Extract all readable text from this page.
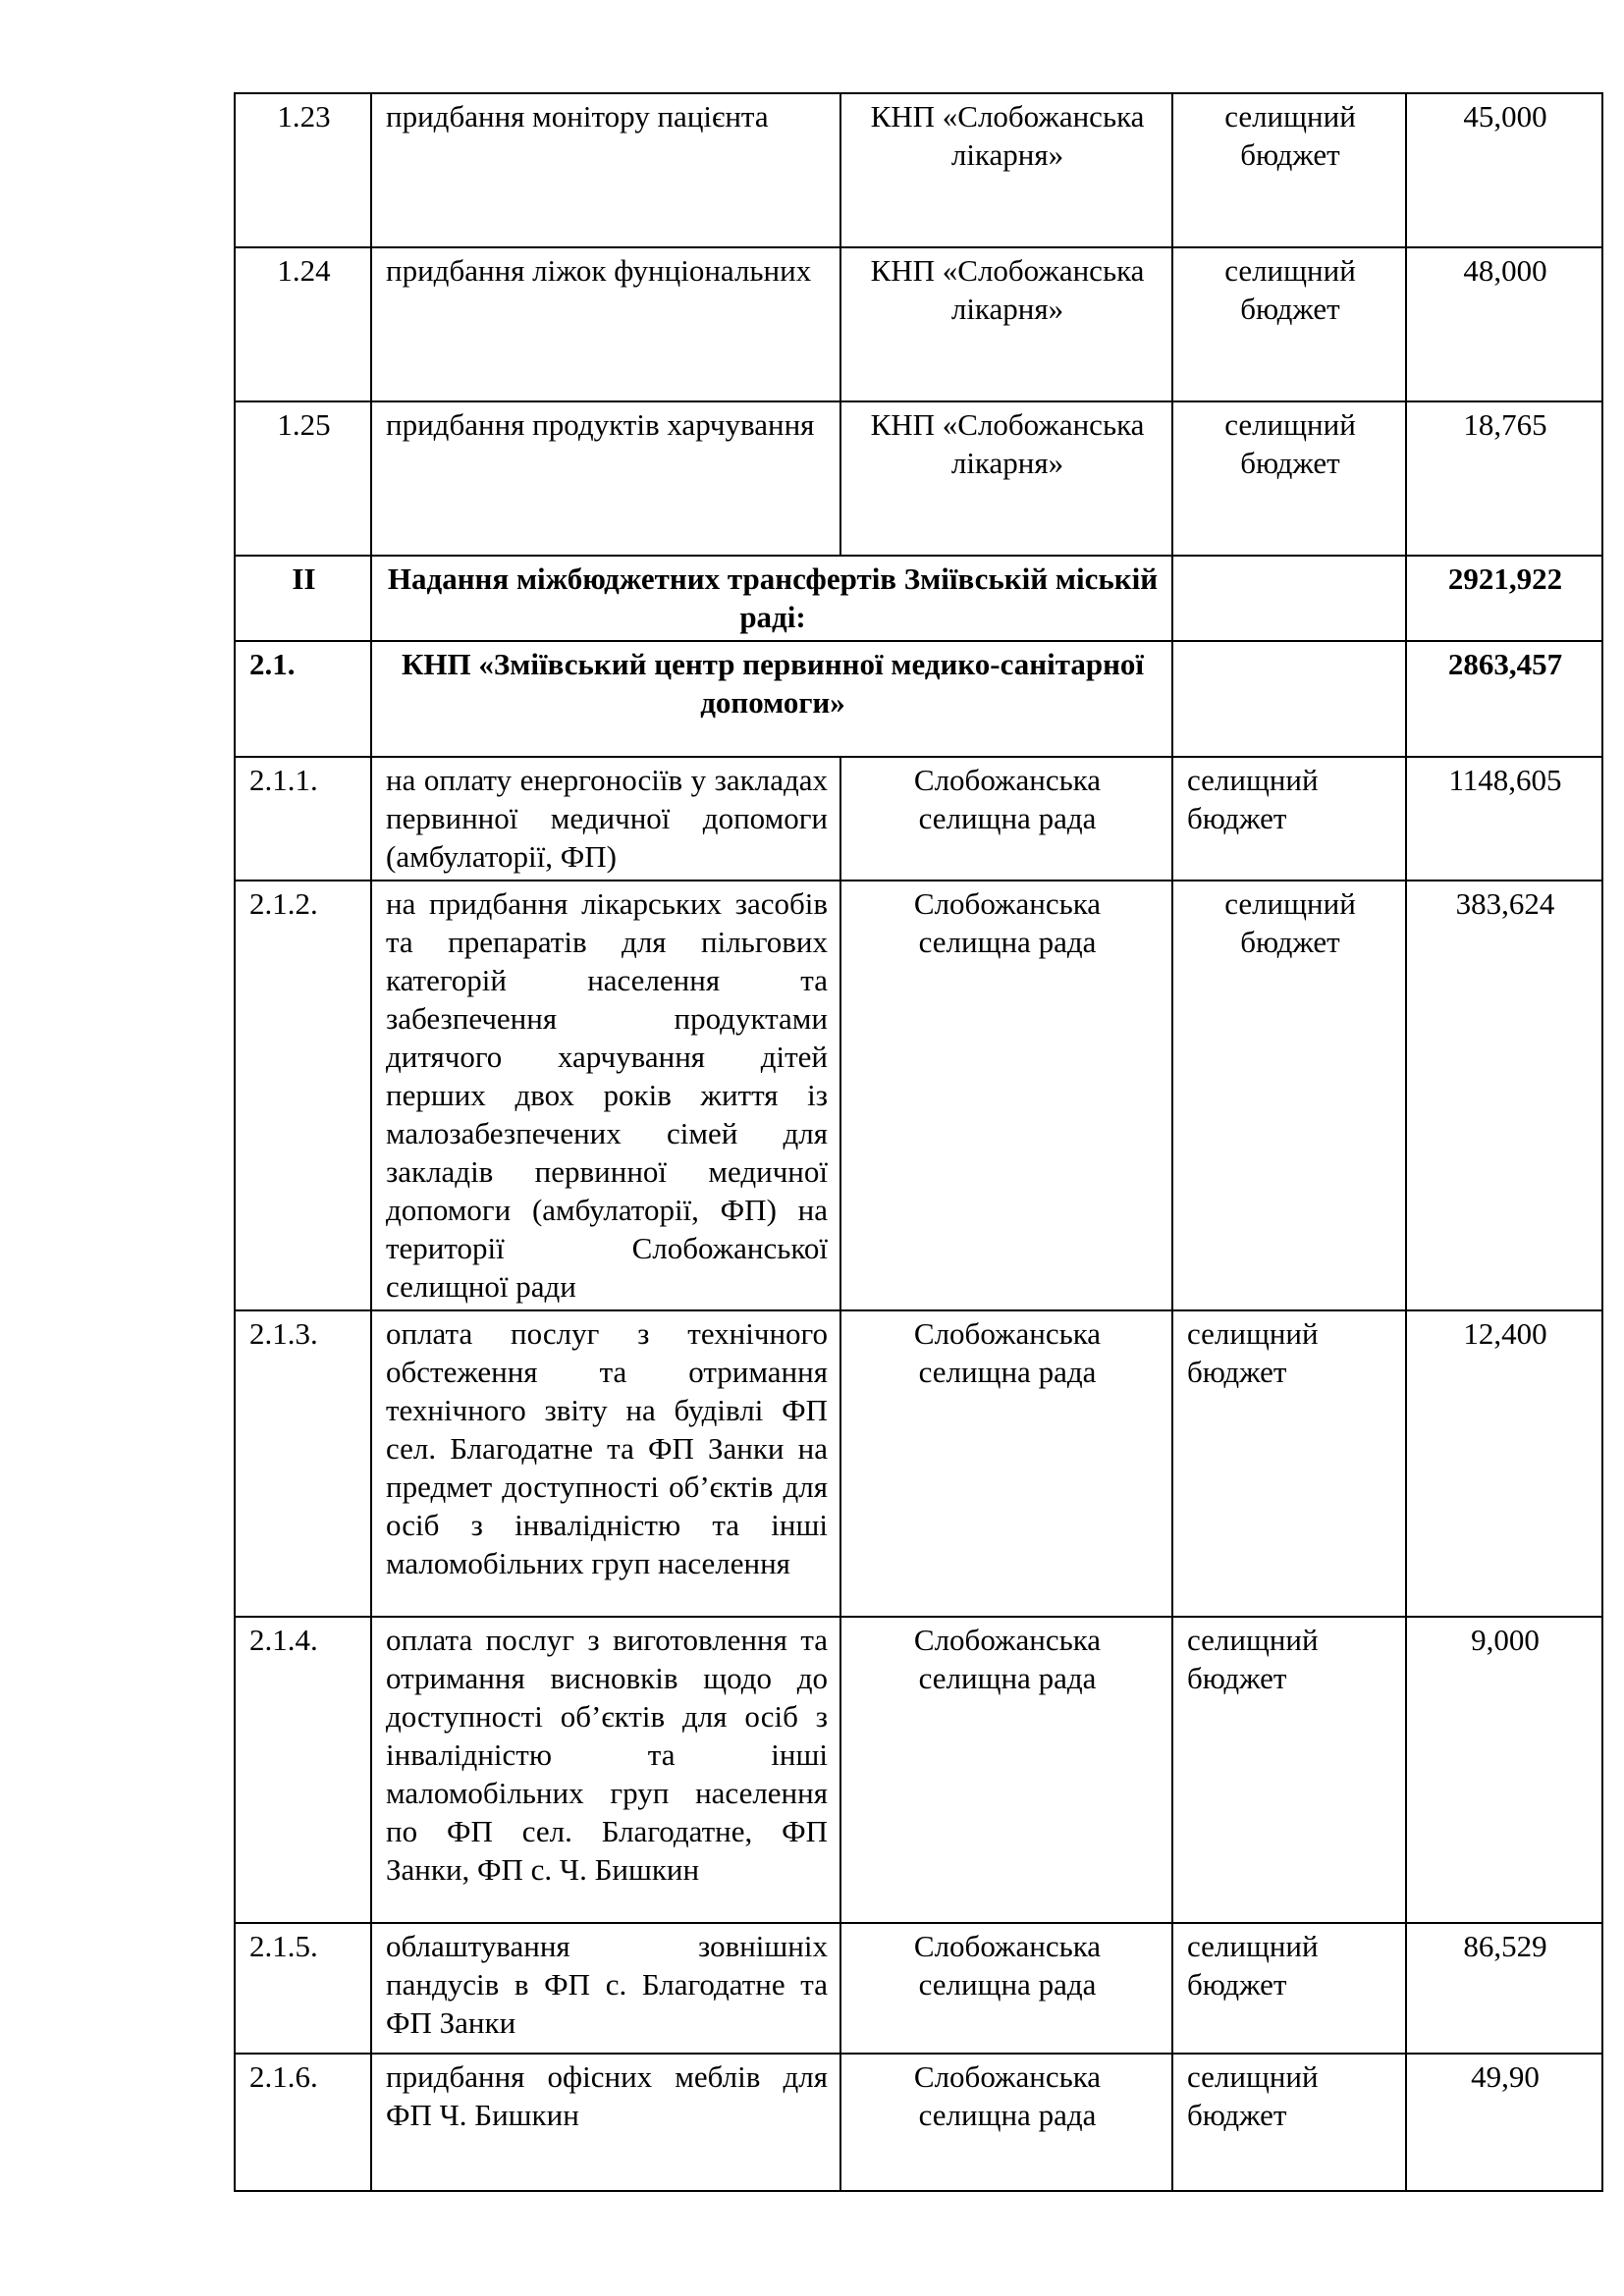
1.23	придбання монітору пацієнта	КНП «Слобожанська лікарня»	селищний бюджет	45,000
1.24	придбання ліжок фунціональних	КНП «Слобожанська лікарня»	селищний бюджет	48,000
1.25	придбання продуктів харчування	КНП «Слобожанська лікарня»	селищний бюджет	18,765
II	Надання міжбюджетних трансфертів Зміївській міській раді:			2921,922
2.1.	КНП «Зміївський центр первинної медико-санітарної допомоги»			2863,457
2.1.1.	на оплату енергоносіїв у закладах первинної медичної допомоги (амбулаторії, ФП)	Слобожанська селищна рада	селищний бюджет	1148,605
2.1.2.	на придбання лікарських засобів та препаратів для пільгових категорій населення та забезпечення продуктами дитячого харчування дітей перших двох років життя із малозабезпечених сімей для закладів первинної медичної допомоги (амбулаторії, ФП) на території Слобожанської селищної ради	Слобожанська селищна рада	селищний бюджет	383,624
2.1.3.	оплата послуг з технічного обстеження та отримання технічного звіту на будівлі ФП сел. Благодатне та ФП Занки на предмет доступності об’єктів для осіб з інвалідністю та інші маломобільних груп населення	Слобожанська селищна рада	селищний бюджет	12,400
2.1.4.	оплата послуг з виготовлення та отримання висновків щодо до доступності об’єктів для осіб з інвалідністю та інші маломобільних груп населення по ФП сел. Благодатне, ФП Занки, ФП с. Ч. Бишкин	Слобожанська селищна рада	селищний бюджет	9,000
2.1.5.	облаштування зовнішніх пандусів в ФП с. Благодатне та ФП Занки	Слобожанська селищна рада	селищний бюджет	86,529
2.1.6.	придбання офісних меблів для ФП Ч. Бишкин	Слобожанська селищна рада	селищний бюджет	49,90
